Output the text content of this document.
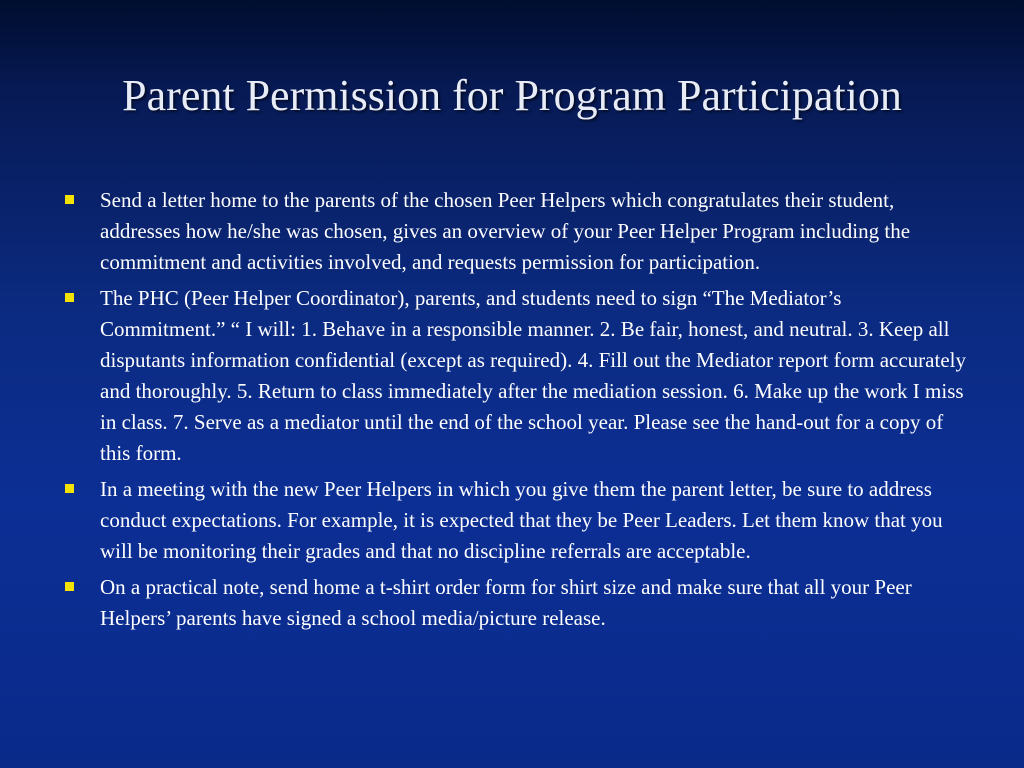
Parent Permission for Program Participation
Send a letter home to the parents of the chosen Peer Helpers which congratulates their student, addresses how he/she was chosen, gives an overview of your Peer Helper Program including the commitment and activities involved, and requests permission for participation.
The PHC (Peer Helper Coordinator), parents, and students need to sign “The Mediator’s Commitment.” “ I will: 1. Behave in a responsible manner. 2. Be fair, honest, and neutral. 3. Keep all disputants information confidential (except as required). 4. Fill out the Mediator report form accurately and thoroughly. 5. Return to class immediately after the mediation session. 6. Make up the work I miss in class. 7. Serve as a mediator until the end of the school year. Please see the hand-out for a copy of this form.
In a meeting with the new Peer Helpers in which you give them the parent letter, be sure to address conduct expectations. For example, it is expected that they be Peer Leaders. Let them know that you will be monitoring their grades and that no discipline referrals are acceptable.
On a practical note, send home a t-shirt order form for shirt size and make sure that all your Peer Helpers’ parents have signed a school media/picture release.
